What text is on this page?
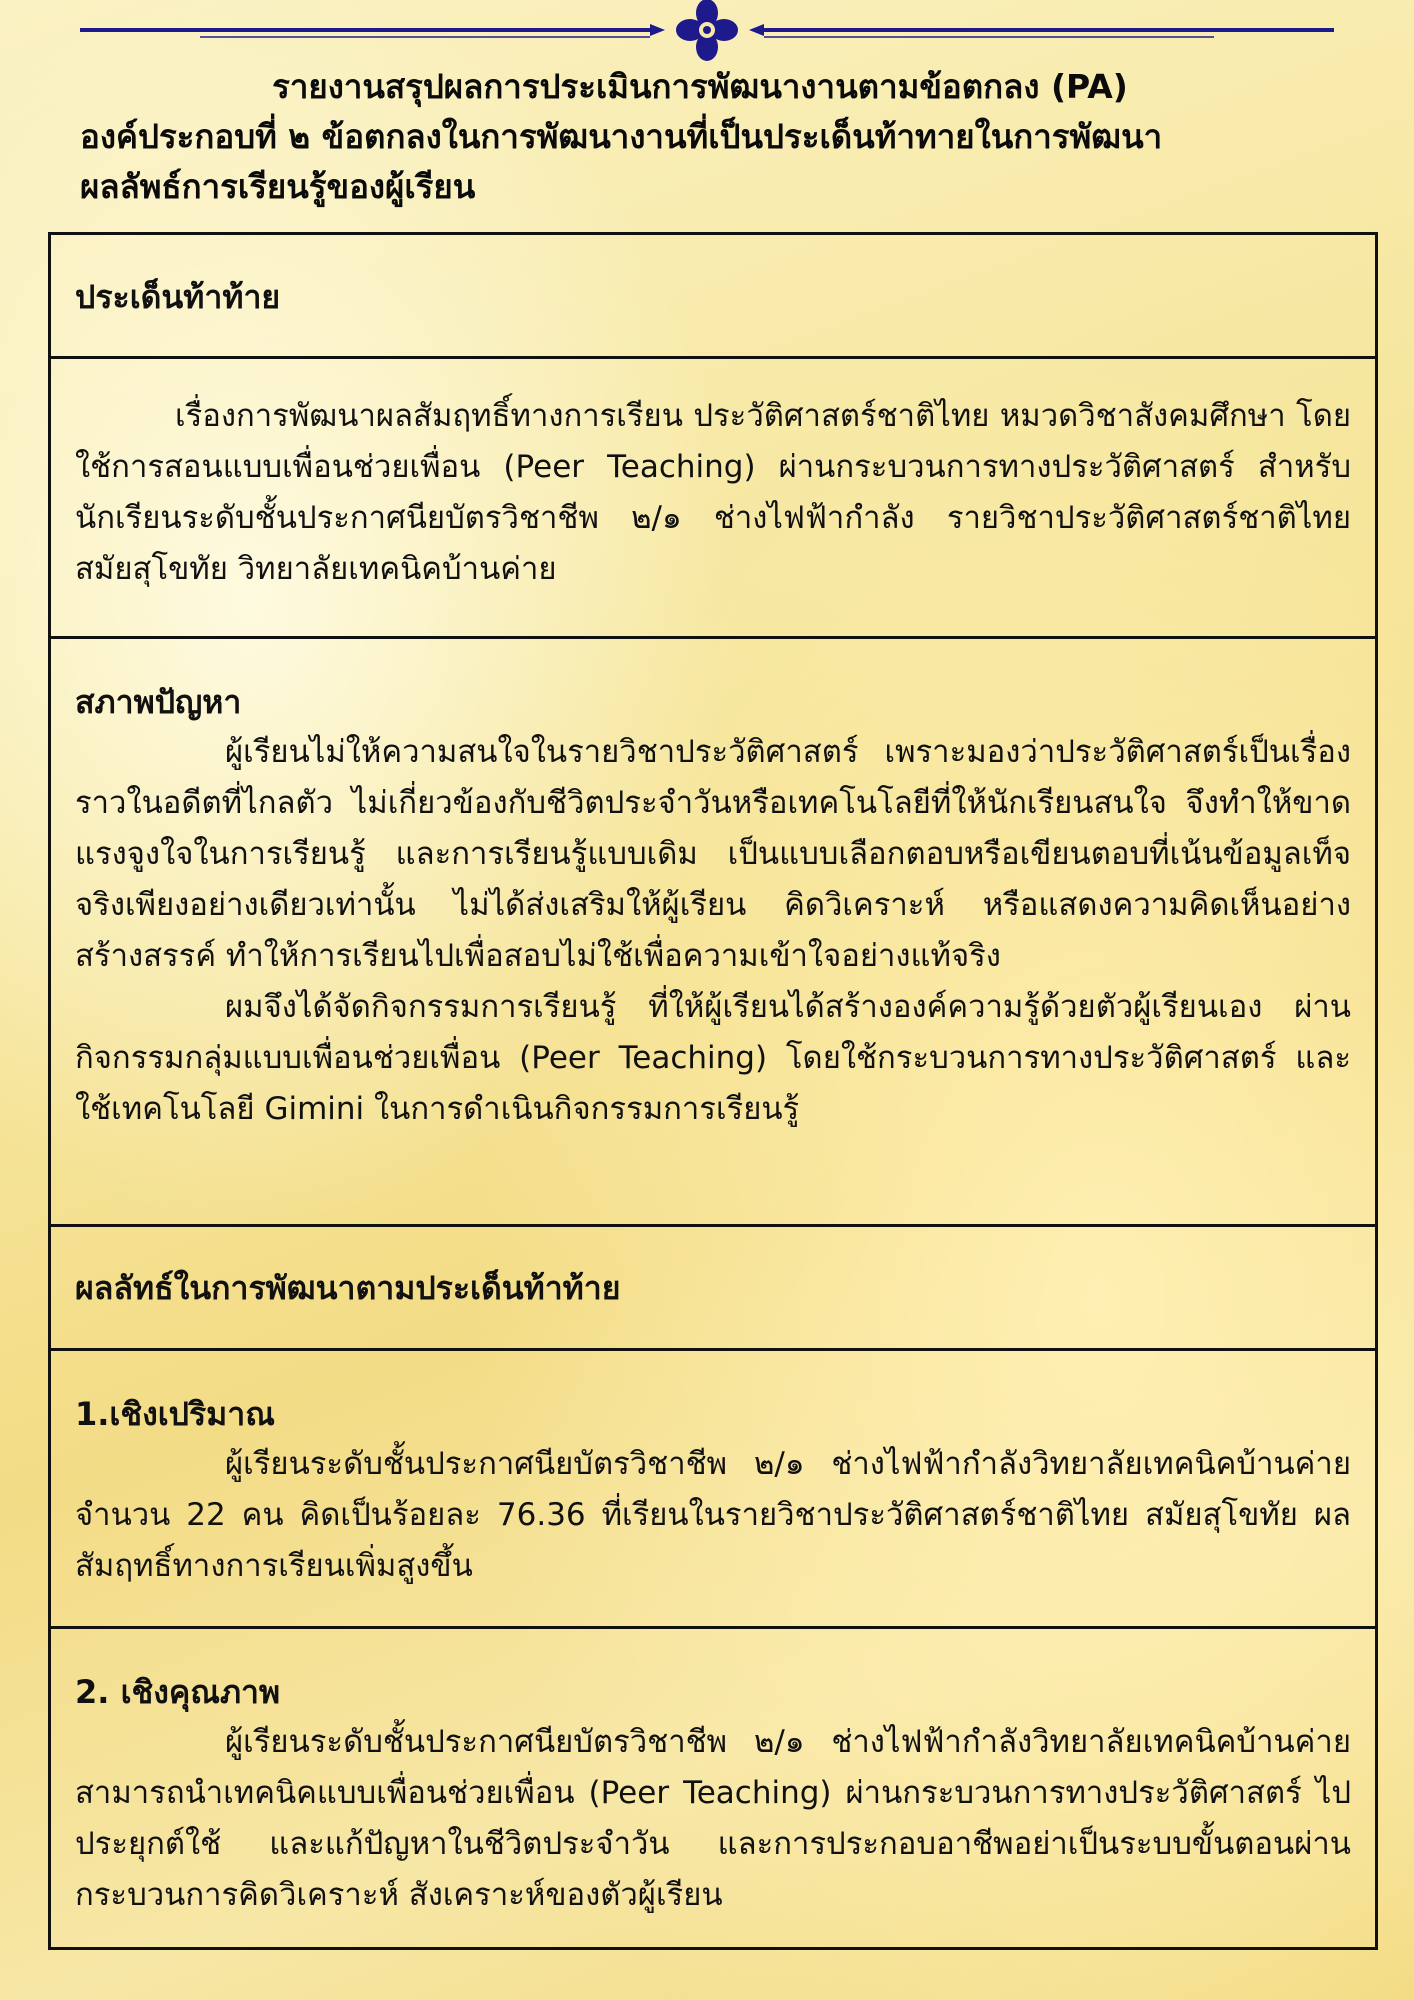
รายงานสรุปผลการประเมินการพัฒนางานตามข้อตกลง (PA)
องค์ประกอบที่ ๒ ข้อตกลงในการพัฒนางานที่เป็นประเด็นท้าทายในการพัฒนา
ผลลัพธ์การเรียนรู้ของผู้เรียน
ประเด็นท้าท้าย
เรื่องการพัฒนาผลสัมฤทธิ์ทางการเรียน ประวัติศาสตร์ชาติไทย หมวดวิชาสังคมศึกษา โดยใช้การสอนแบบเพื่อนช่วยเพื่อน (Peer Teaching) ผ่านกระบวนการทางประวัติศาสตร์ สำหรับนักเรียนระดับชั้นประกาศนียบัตรวิชาชีพ ๒/๑ ช่างไฟฟ้ากำลัง รายวิชาประวัติศาสตร์ชาติไทย สมัยสุโขทัย วิทยาลัยเทคนิคบ้านค่าย
สภาพปัญหา
ผู้เรียนไม่ให้ความสนใจในรายวิชาประวัติศาสตร์ เพราะมองว่าประวัติศาสตร์เป็นเรื่องราวในอดีตที่ไกลตัว ไม่เกี่ยวข้องกับชีวิตประจำวันหรือเทคโนโลยีที่ให้นักเรียนสนใจ จึงทำให้ขาดแรงจูงใจในการเรียนรู้ และการเรียนรู้แบบเดิม เป็นแบบเลือกตอบหรือเขียนตอบที่เน้นข้อมูลเท็จจริงเพียงอย่างเดียวเท่านั้น ไม่ได้ส่งเสริมให้ผู้เรียน คิดวิเคราะห์ หรือแสดงความคิดเห็นอย่างสร้างสรรค์ ทำให้การเรียนไปเพื่อสอบไม่ใช้เพื่อความเข้าใจอย่างแท้จริง
ผมจึงได้จัดกิจกรรมการเรียนรู้ ที่ให้ผู้เรียนได้สร้างองค์ความรู้ด้วยตัวผู้เรียนเอง ผ่านกิจกรรมกลุ่มแบบเพื่อนช่วยเพื่อน (Peer Teaching) โดยใช้กระบวนการทางประวัติศาสตร์ และใช้เทคโนโลยี Gimini ในการดำเนินกิจกรรมการเรียนรู้
ผลลัทธ์ในการพัฒนาตามประเด็นท้าท้าย
1.เชิงเปริมาณ
ผู้เรียนระดับชั้นประกาศนียบัตรวิชาชีพ ๒/๑ ช่างไฟฟ้ากำลังวิทยาลัยเทคนิคบ้านค่าย จำนวน 22 คน คิดเป็นร้อยละ 76.36 ที่เรียนในรายวิชาประวัติศาสตร์ชาติไทย สมัยสุโขทัย ผลสัมฤทธิ์ทางการเรียนเพิ่มสูงขึ้น
2. เชิงคุณภาพ
ผู้เรียนระดับชั้นประกาศนียบัตรวิชาชีพ ๒/๑ ช่างไฟฟ้ากำลังวิทยาลัยเทคนิคบ้านค่ายสามารถนำเทคนิคแบบเพื่อนช่วยเพื่อน (Peer Teaching) ผ่านกระบวนการทางประวัติศาสตร์ ไปประยุกต์ใช้ และแก้ปัญหาในชีวิตประจำวัน และการประกอบอาชีพอย่าเป็นระบบขั้นตอนผ่านกระบวนการคิดวิเคราะห์ สังเคราะห์ของตัวผู้เรียน
